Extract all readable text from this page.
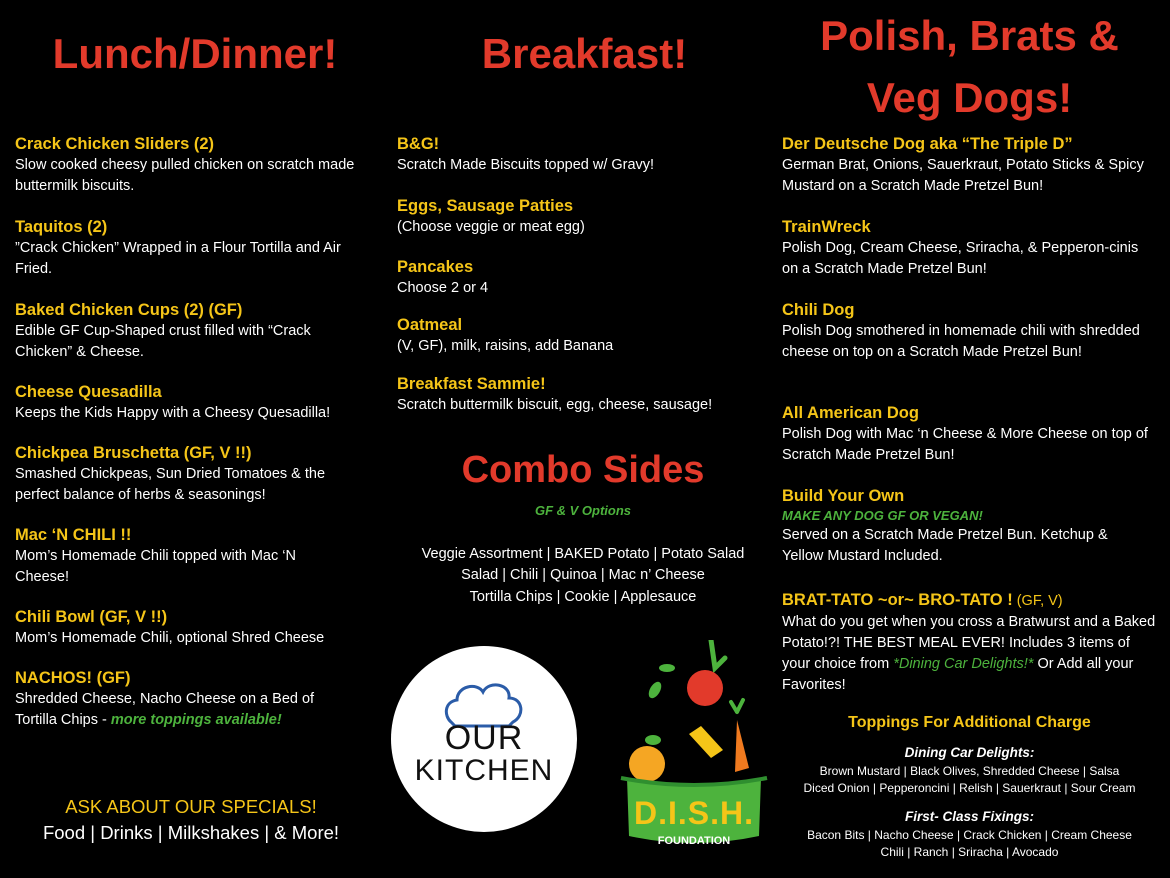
Lunch/Dinner!

Crack Chicken Sliders (2)

Slow cooked cheesy pulled chicken on scratch made buttermilk biscuits.

Taquitos (2)

”Crack Chicken” Wrapped in a Flour Tortilla and Air Fried.

Baked Chicken Cups (2) (GF)

Edible GF Cup-Shaped crust filled with “Crack Chicken” & Cheese.

Cheese Quesadilla

Keeps the Kids Happy with a Cheesy Quesadilla!

Chickpea Bruschetta (GF, V !!)

Smashed Chickpeas, Sun Dried Tomatoes & the perfect balance of herbs & seasonings!

Mac ‘N CHILI !!

Mom’s Homemade Chili topped with Mac ‘N Cheese!

Chili Bowl (GF, V !!)

Mom’s Homemade Chili, optional Shred Cheese

NACHOS! (GF)

Shredded Cheese, Nacho Cheese on a Bed of Tortilla Chips - more toppings available!

ASK ABOUT OUR SPECIALS!
Food | Drinks | Milkshakes | & More!
Breakfast!

B&G!

Scratch Made Biscuits topped w/ Gravy!

Eggs, Sausage Patties

(Choose veggie or meat egg)

Pancakes

Choose 2 or 4

Oatmeal

(V, GF), milk, raisins, add Banana

Breakfast Sammie!

Scratch buttermilk biscuit, egg, cheese, sausage!

Combo Sides
GF & V Options
Veggie Assortment | BAKED Potato | Potato Salad
Salad | Chili | Quinoa | Mac n’ Cheese
Tortilla Chips | Cookie | Applesauce
OUR
KITCHEN
D.I.S.H.
FOUNDATION
Polish, Brats &
Veg Dogs!

Der Deutsche Dog aka “The Triple D”

German Brat, Onions, Sauerkraut, Potato Sticks & Spicy Mustard on a Scratch Made Pretzel Bun!

TrainWreck

Polish Dog, Cream Cheese, Sriracha, & Pepperon-cinis on a Scratch Made Pretzel Bun!

Chili Dog

Polish Dog smothered in homemade chili with shredded cheese on top on a Scratch Made Pretzel Bun!

All American Dog

Polish Dog with Mac ‘n Cheese & More Cheese on top of Scratch Made Pretzel Bun!

Build Your Own

MAKE ANY DOG GF OR VEGAN!

Served on a Scratch Made Pretzel Bun. Ketchup & Yellow Mustard Included.

BRAT-TATO ~or~ BRO-TATO ! (GF, V)

What do you get when you cross a Bratwurst and a Baked Potato!?! THE BEST MEAL EVER! Includes 3 items of your choice from *Dining Car Delights!* Or Add all your Favorites!

Toppings For Additional Charge
Dining Car Delights:
Brown Mustard | Black Olives, Shredded Cheese | Salsa
Diced Onion | Pepperoncini | Relish | Sauerkraut | Sour Cream
First- Class Fixings:
Bacon Bits | Nacho Cheese | Crack Chicken | Cream Cheese
Chili | Ranch | Sriracha | Avocado
